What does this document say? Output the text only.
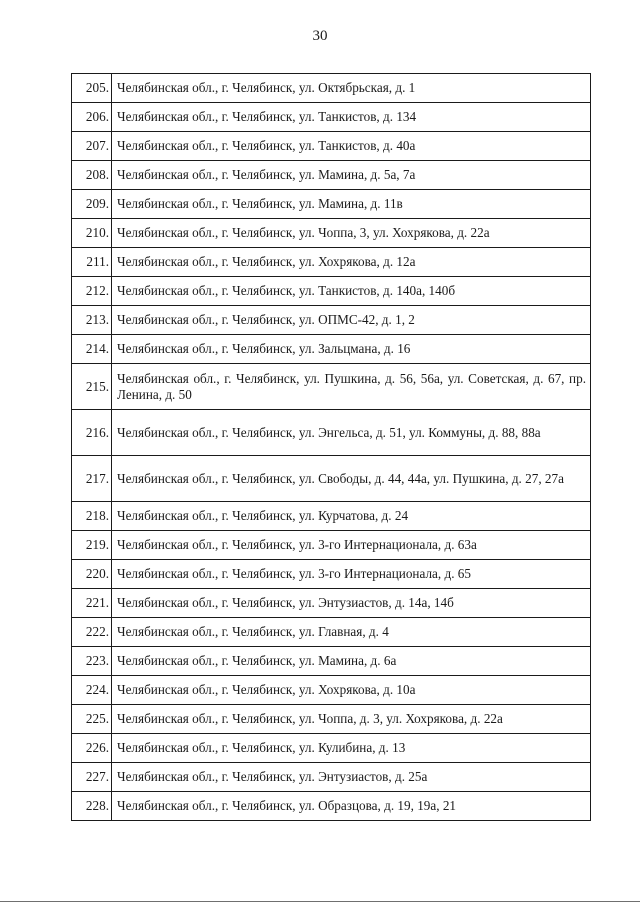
30
205.	Челябинская обл., г. Челябинск, ул. Октябрьская, д. 1
206.	Челябинская обл., г. Челябинск, ул. Танкистов, д. 134
207.	Челябинская обл., г. Челябинск, ул. Танкистов, д. 40а
208.	Челябинская обл., г. Челябинск, ул. Мамина, д. 5а, 7а
209.	Челябинская обл., г. Челябинск, ул. Мамина, д. 11в
210.	Челябинская обл., г. Челябинск, ул. Чоппа, 3, ул. Хохрякова, д. 22а
211.	Челябинская обл., г. Челябинск, ул. Хохрякова, д. 12а
212.	Челябинская обл., г. Челябинск, ул. Танкистов, д. 140а, 140б
213.	Челябинская обл., г. Челябинск, ул. ОПМС-42, д. 1, 2
214.	Челябинская обл., г. Челябинск, ул. Зальцмана, д. 16
215.	Челябинская обл., г. Челябинск, ул. Пушкина, д. 56, 56а, ул. Советская, д. 67, пр. Ленина, д. 50
216.	Челябинская обл., г. Челябинск, ул. Энгельса, д. 51, ул. Коммуны, д. 88, 88а
217.	Челябинская обл., г. Челябинск, ул. Свободы, д. 44, 44а, ул. Пушкина, д. 27, 27а
218.	Челябинская обл., г. Челябинск, ул. Курчатова, д. 24
219.	Челябинская обл., г. Челябинск, ул. 3-го Интернационала, д. 63а
220.	Челябинская обл., г. Челябинск, ул. 3-го Интернационала, д. 65
221.	Челябинская обл., г. Челябинск, ул. Энтузиастов, д. 14а, 14б
222.	Челябинская обл., г. Челябинск, ул. Главная, д. 4
223.	Челябинская обл., г. Челябинск, ул. Мамина, д. 6а
224.	Челябинская обл., г. Челябинск, ул. Хохрякова, д. 10а
225.	Челябинская обл., г. Челябинск, ул. Чоппа, д. 3, ул. Хохрякова, д. 22а
226.	Челябинская обл., г. Челябинск, ул. Кулибина, д. 13
227.	Челябинская обл., г. Челябинск, ул. Энтузиастов, д. 25а
228.	Челябинская обл., г. Челябинск, ул. Образцова, д. 19, 19а, 21
